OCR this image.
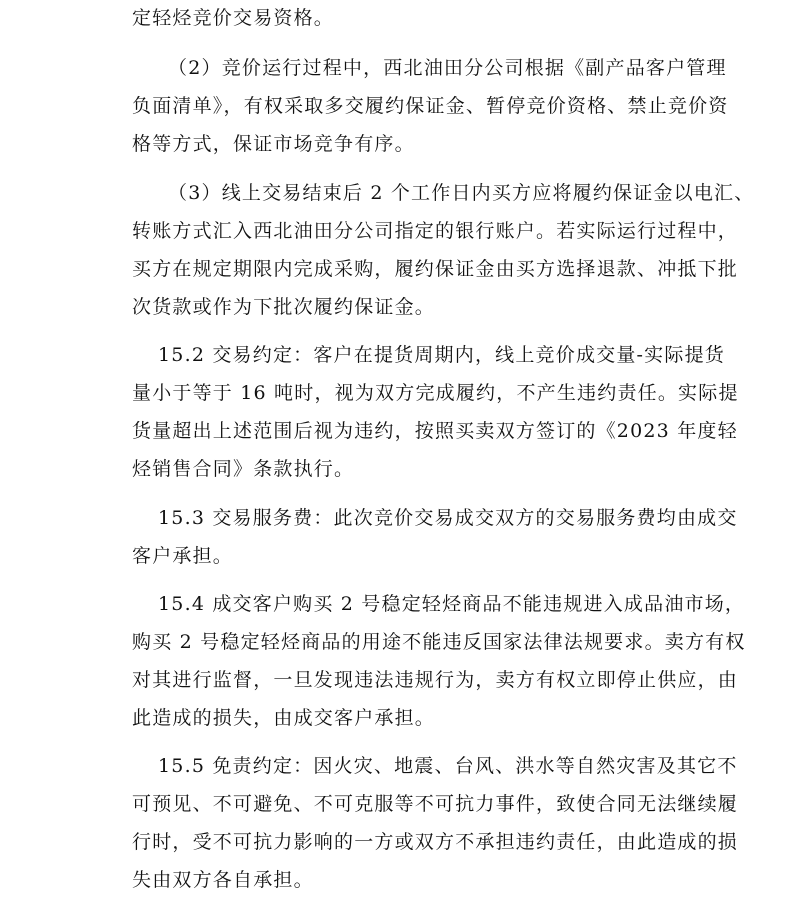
定轻烃竞价交易资格。
（2）竞价运行过程中，西北油田分公司根据《副产品客户管理
负面清单》，有权采取多交履约保证金、暂停竞价资格、禁止竞价资
格等方式，保证市场竞争有序。
（3）线上交易结束后 2 个工作日内买方应将履约保证金以电汇、
转账方式汇入西北油田分公司指定的银行账户。若实际运行过程中，
买方在规定期限内完成采购，履约保证金由买方选择退款、冲抵下批
次货款或作为下批次履约保证金。
15.2 交易约定：客户在提货周期内，线上竞价成交量-实际提货
量小于等于 16 吨时，视为双方完成履约，不产生违约责任。实际提
货量超出上述范围后视为违约，按照买卖双方签订的《2023 年度轻
烃销售合同》条款执行。
15.3 交易服务费：此次竞价交易成交双方的交易服务费均由成交
客户承担。
15.4 成交客户购买 2 号稳定轻烃商品不能违规进入成品油市场，
购买 2 号稳定轻烃商品的用途不能违反国家法律法规要求。卖方有权
对其进行监督，一旦发现违法违规行为，卖方有权立即停止供应，由
此造成的损失，由成交客户承担。
15.5 免责约定：因火灾、地震、台风、洪水等自然灾害及其它不
可预见、不可避免、不可克服等不可抗力事件，致使合同无法继续履
行时，受不可抗力影响的一方或双方不承担违约责任，由此造成的损
失由双方各自承担。
